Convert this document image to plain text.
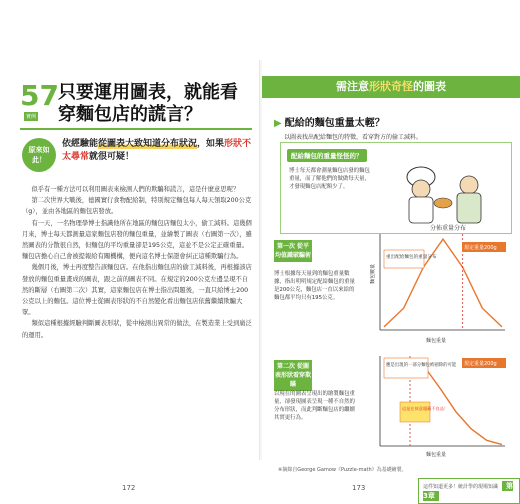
57
實例
只要運用圖表，就能看穿麵包店的謊言？
原來如此！
依經驗能從圖表大致知道分布狀況，如果形狀不太尋常就很可疑！

似乎有一種方法可以利用圖表來檢測人們的欺騙和謊言，這是什麼意思呢？

第二次世界大戰後，德國實行食物配給制，特別規定麵包每人每天領取200公克（g），並由各地區的麵包店發放。

有一天，一名物理學博士指識他所在地區的麵包店麵包太小，偷工減料。這幾個月來，博士每天都測量這家麵包店發的麵包重量，並繪製了圖表（右圖第一次），雖然圖表的分散很自然，但麵包的平均重量卻是195公克，這並不是公定正確重量。麵包店擔心自己會被提報給有關機構，便向這名博士保證會糾正這種欺騙行為。

幾個月後，博士再度整告該麵包店。在他指出麵包店的偷工減料後，再根據該店發放的麵包重量畫成的圖表，跟之前的圖表不同。在規定的200公克左邊呈現不自然的斷層（右圖第二次）其實，這家麵包店在博士指出問題後，一直只給博士200公克以上的麵包。這位博士從圖表形狀的不自然變化看出麵包店依舊繼續欺騙大眾。

類似這種根據經驗判斷圖表形狀，從中檢測出異常的做法，在製造業上受到廣泛的運用。

172
需注意形狀奇怪的圖表
▶ 配給的麵包重量太輕？
以圖表找出配給麵包的特徵，看穿對方的偷工減料。
配給麵包的重量怪怪的？
博士每天都會測量麵包店發的麵包重量，而了解他們的做做每天量，才發現麵包店配額少了。
第一次 從平均值識破騙術
博士根據每天量到的麵包重量數據，指出明明規定配給麵包的重量是200公克，麵包店一直以來給的麵包都平均只有195公克。
分佈重量分布
重出配給麵包的重量分布
規定重量200g
麵包重量
麵包數量
第二次 從圖表形狀看穿欺瞞
以現在的圖表呈現出的繪製麵包重量，卻發現圖表呈現一種不自然的分布形狀，而此判斷麵包店的繼續其實更行為。
應是出現的一部分麵包被剔除的可能
這是在故意隱藏不良品！
規定重量200g
麵包重量
※摘錄自George Gamow《Puzzle-math》為基礎繪製。
173	這件知道更多！統計學的現場知識 第3章
